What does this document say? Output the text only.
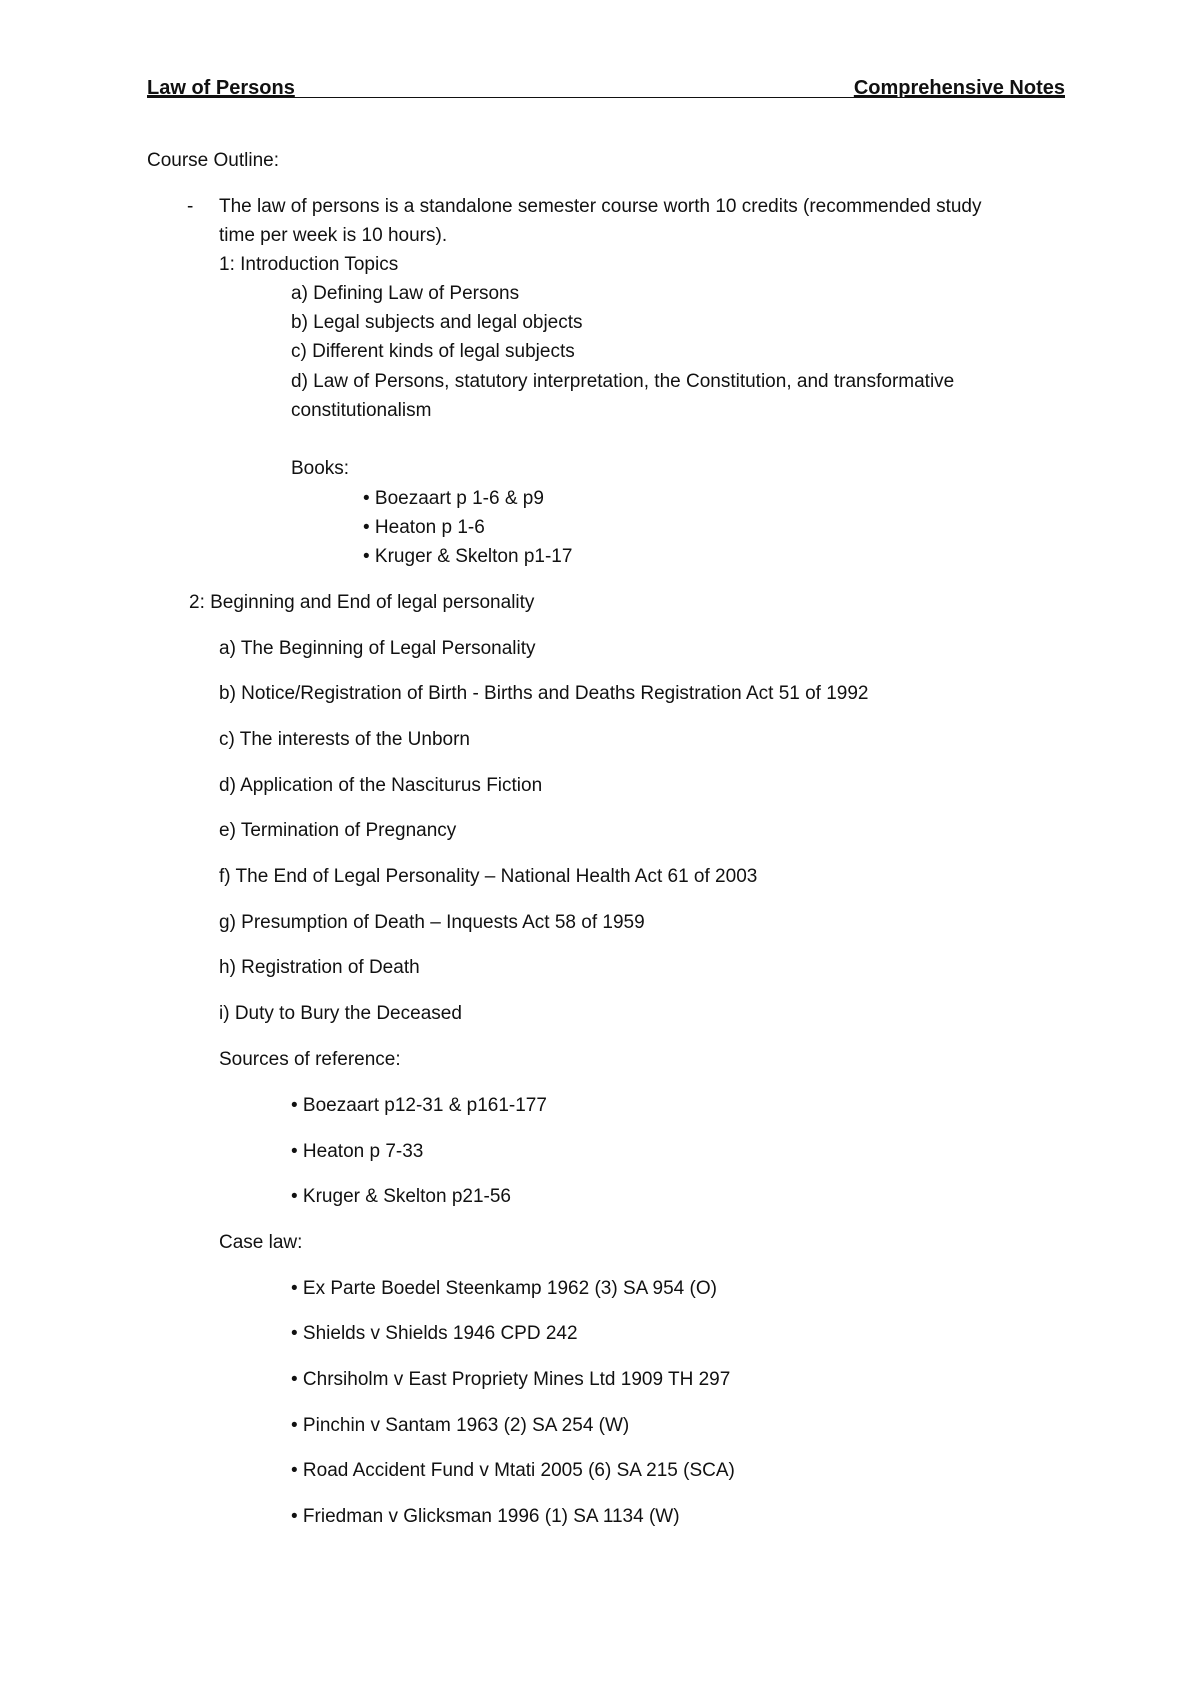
Law of Persons	Comprehensive Notes
Course Outline:
- The law of persons is a standalone semester course worth 10 credits (recommended study
time per week is 10 hours).
1: Introduction Topics
a) Defining Law of Persons
b) Legal subjects and legal objects
c) Different kinds of legal subjects
d) Law of Persons, statutory interpretation, the Constitution, and transformative
constitutionalism
Books:
• Boezaart p 1-6 & p9
• Heaton p 1-6
• Kruger & Skelton p1-17
2: Beginning and End of legal personality
a) The Beginning of Legal Personality
b) Notice/Registration of Birth - Births and Deaths Registration Act 51 of 1992
c) The interests of the Unborn
d) Application of the Nasciturus Fiction
e) Termination of Pregnancy
f) The End of Legal Personality – National Health Act 61 of 2003
g) Presumption of Death – Inquests Act 58 of 1959
h) Registration of Death
i) Duty to Bury the Deceased
Sources of reference:
• Boezaart p12-31 & p161-177
• Heaton p 7-33
• Kruger & Skelton p21-56
Case law:
• Ex Parte Boedel Steenkamp 1962 (3) SA 954 (O)
• Shields v Shields 1946 CPD 242
• Chrsiholm v East Propriety Mines Ltd 1909 TH 297
• Pinchin v Santam 1963 (2) SA 254 (W)
• Road Accident Fund v Mtati 2005 (6) SA 215 (SCA)
• Friedman v Glicksman 1996 (1) SA 1134 (W)
